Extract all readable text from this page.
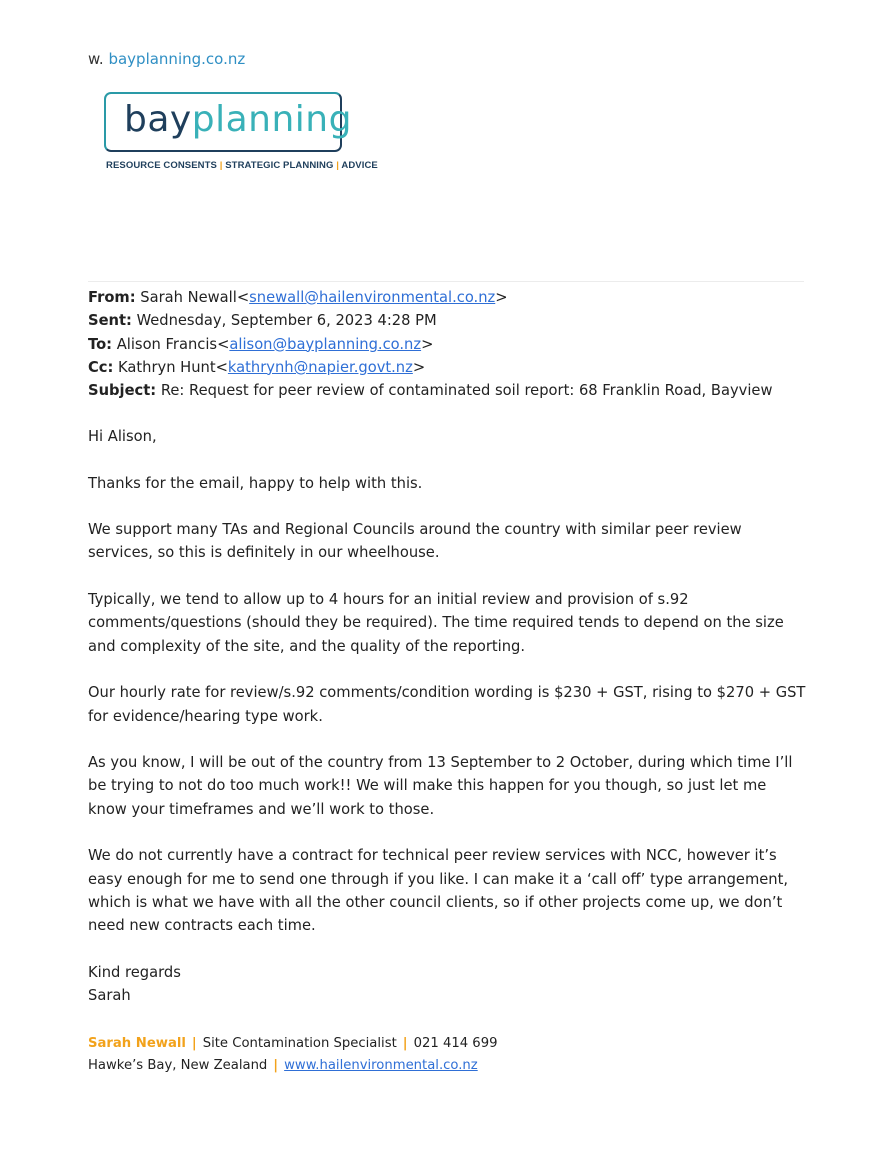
w. bayplanning.co.nz
bayplanning
RESOURCE CONSENTS | STRATEGIC PLANNING | ADVICE
From: Sarah Newall<snewall@hailenvironmental.co.nz>
Sent: Wednesday, September 6, 2023 4:28 PM
To: Alison Francis<alison@bayplanning.co.nz>
Cc: Kathryn Hunt<kathrynh@napier.govt.nz>
Subject: Re: Request for peer review of contaminated soil report: 68 Franklin Road, Bayview

Hi Alison,

Thanks for the email, happy to help with this.

We support many TAs and Regional Councils around the country with similar peer review services, so this is definitely in our wheelhouse.

Typically, we tend to allow up to 4 hours for an initial review and provision of s.92 comments/questions (should they be required). The time required tends to depend on the size and complexity of the site, and the quality of the reporting.

Our hourly rate for review/s.92 comments/condition wording is $230 + GST, rising to $270 + GST for evidence/hearing type work.

As you know, I will be out of the country from 13 September to 2 October, during which time I’ll be trying to not do too much work!! We will make this happen for you though, so just let me know your timeframes and we’ll work to those.

We do not currently have a contract for technical peer review services with NCC, however it’s easy enough for me to send one through if you like. I can make it a ‘call off’ type arrangement, which is what we have with all the other council clients, so if other projects come up, we don’t need new contracts each time.

Kind regards

Sarah

Sarah Newall | Site Contamination Specialist | 021 414 699
Hawke’s Bay, New Zealand | www.hailenvironmental.co.nz
